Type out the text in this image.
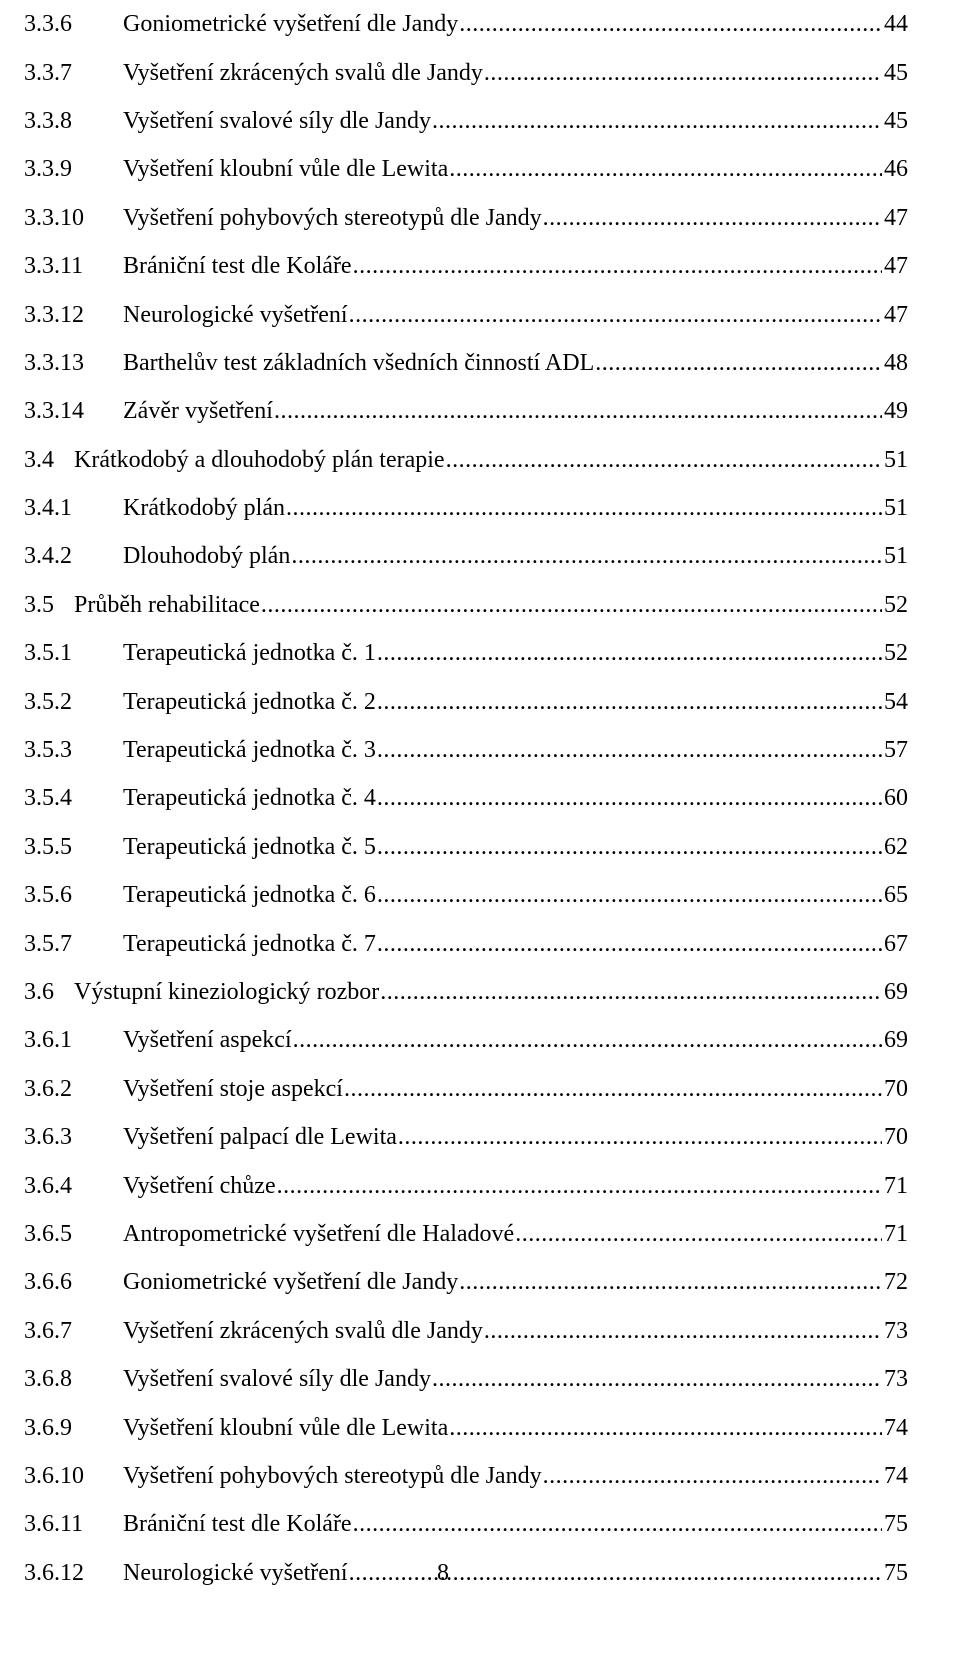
3.3.6	Goniometrické vyšetření dle Jandy .....	44
3.3.7	Vyšetření zkrácených svalů dle Jandy .....	45
3.3.8	Vyšetření svalové síly dle Jandy .....	45
3.3.9	Vyšetření kloubní vůle dle Lewita .....	46
3.3.10	Vyšetření pohybových stereotypů dle Jandy .....	47
3.3.11	Brániční test dle Koláře .....	47
3.3.12	Neurologické vyšetření .....	47
3.3.13	Barthelův test základních všedních činností ADL .....	48
3.3.14	Závěr vyšetření .....	49
3.4 Krátkodobý a dlouhodobý plán terapie .....	51
3.4.1	Krátkodobý plán .....	51
3.4.2	Dlouhodobý plán .....	51
3.5 Průběh rehabilitace .....	52
3.5.1	Terapeutická jednotka č. 1 .....	52
3.5.2	Terapeutická jednotka č. 2 .....	54
3.5.3	Terapeutická jednotka č. 3 .....	57
3.5.4	Terapeutická jednotka č. 4 .....	60
3.5.5	Terapeutická jednotka č. 5 .....	62
3.5.6	Terapeutická jednotka č. 6 .....	65
3.5.7	Terapeutická jednotka č. 7 .....	67
3.6 Výstupní kineziologický rozbor .....	69
3.6.1	Vyšetření aspekcí .....	69
3.6.2	Vyšetření stoje aspekcí .....	70
3.6.3	Vyšetření palpací dle Lewita .....	70
3.6.4	Vyšetření chůze .....	71
3.6.5	Antropometrické vyšetření dle Haladové .....	71
3.6.6	Goniometrické vyšetření dle Jandy .....	72
3.6.7	Vyšetření zkrácených svalů dle Jandy .....	73
3.6.8	Vyšetření svalové síly dle Jandy .....	73
3.6.9	Vyšetření kloubní vůle dle Lewita .....	74
3.6.10	Vyšetření pohybových stereotypů dle Jandy .....	74
3.6.11	Brániční test dle Koláře .....	75
3.6.12	Neurologické vyšetření .....	75
8
